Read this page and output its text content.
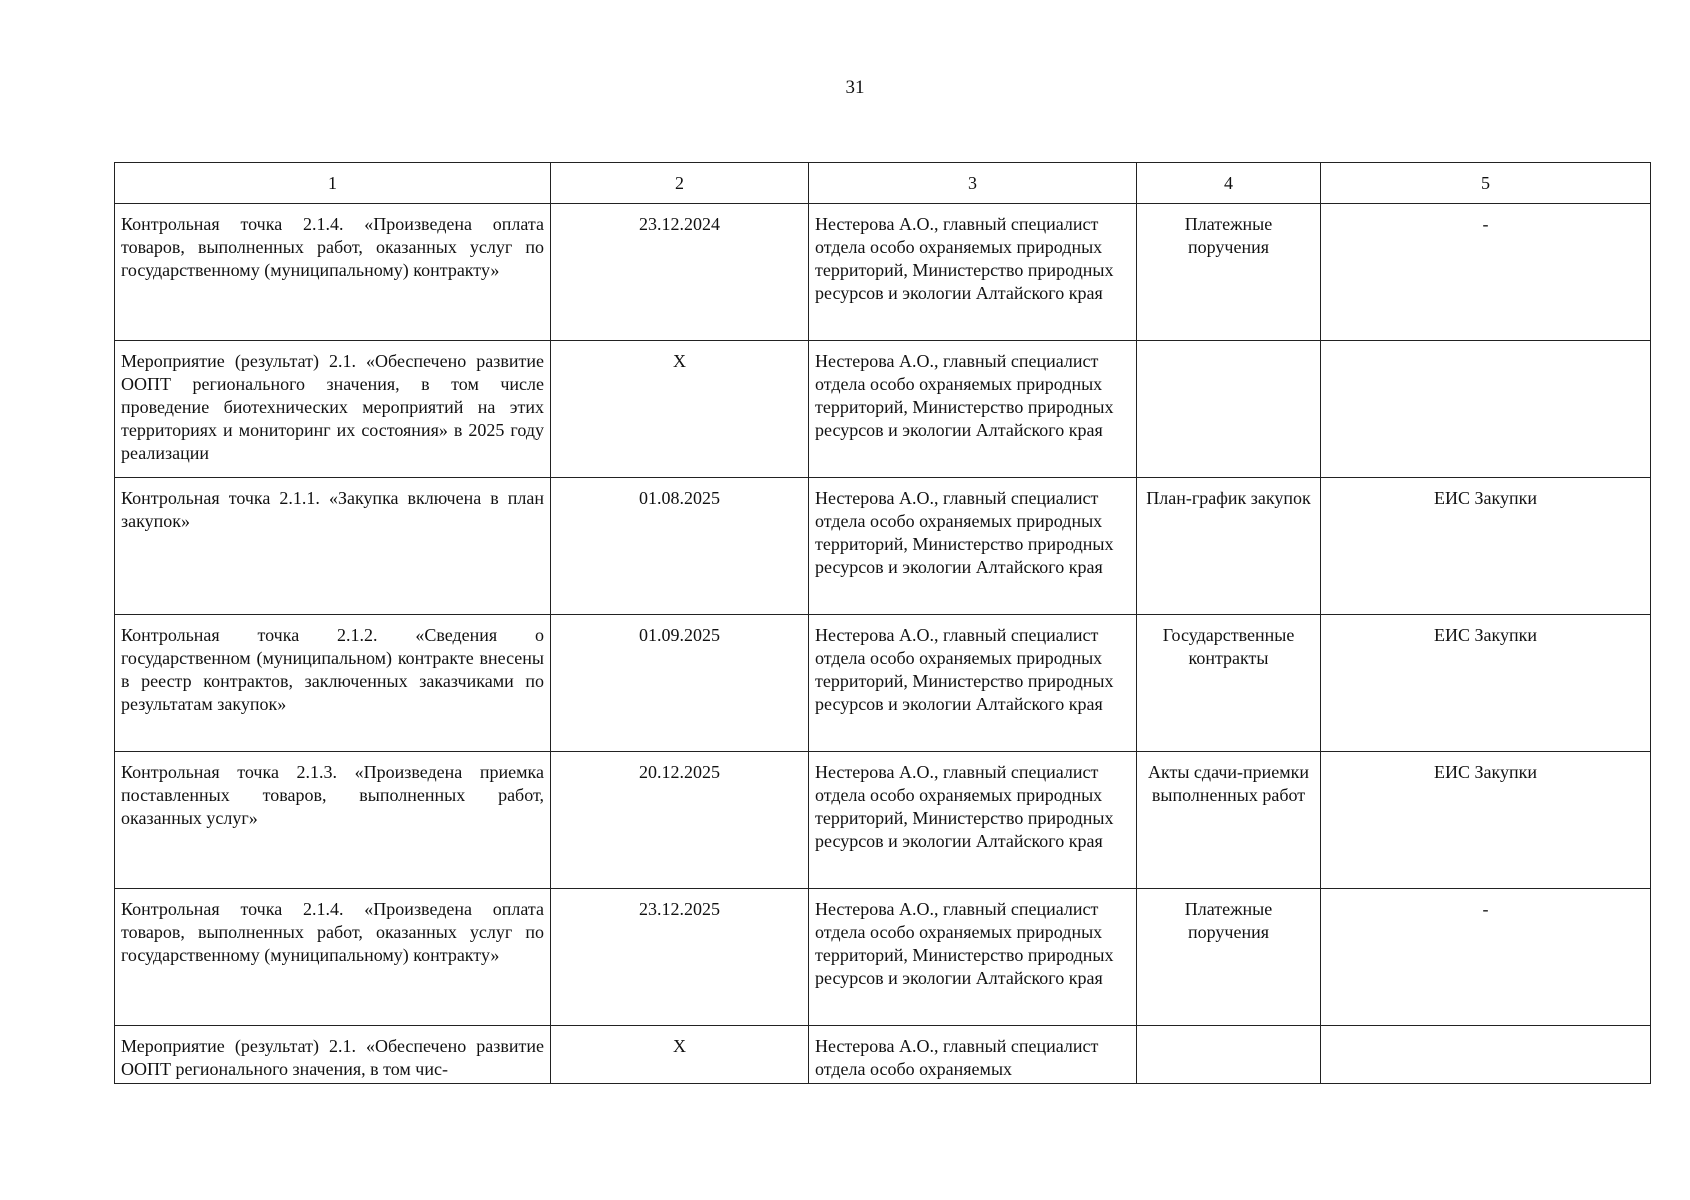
31
1	2	3	4	5
Контрольная точка 2.1.4. «Произведена оплата товаров, выполненных работ, оказанных услуг по государственному (муниципальному) контракту»	23.12.2024	Нестерова А.О., главный специалист отдела особо охраняемых природных территорий, Министерство природных ресурсов и экологии Алтайского края	Платежные поручения	-
Мероприятие (результат) 2.1. «Обеспечено развитие ООПТ регионального значения, в том числе проведение биотехнических мероприятий на этих территориях и мониторинг их состояния» в 2025 году реализации	X	Нестерова А.О., главный специалист отдела особо охраняемых природных территорий, Министерство природных ресурсов и экологии Алтайского края		
Контрольная точка 2.1.1. «Закупка включена в план закупок»	01.08.2025	Нестерова А.О., главный специалист отдела особо охраняемых природных территорий, Министерство природных ресурсов и экологии Алтайского края	План-график закупок	ЕИС Закупки
Контрольная точка 2.1.2. «Сведения о государственном (муниципальном) контракте внесены в реестр контрактов, заключенных заказчиками по результатам закупок»	01.09.2025	Нестерова А.О., главный специалист отдела особо охраняемых природных территорий, Министерство природных ресурсов и экологии Алтайского края	Государственные контракты	ЕИС Закупки
Контрольная точка 2.1.3. «Произведена приемка поставленных товаров, выполненных работ, оказанных услуг»	20.12.2025	Нестерова А.О., главный специалист отдела особо охраняемых природных территорий, Министерство природных ресурсов и экологии Алтайского края	Акты сдачи-приемки выполненных работ	ЕИС Закупки
Контрольная точка 2.1.4. «Произведена оплата товаров, выполненных работ, оказанных услуг по государственному (муниципальному) контракту»	23.12.2025	Нестерова А.О., главный специалист отдела особо охраняемых природных территорий, Министерство природных ресурсов и экологии Алтайского края	Платежные поручения	-
Мероприятие (результат) 2.1. «Обеспечено развитие ООПТ регионального значения, в том чис-	X	Нестерова А.О., главный специалист отдела особо охраняемых		
